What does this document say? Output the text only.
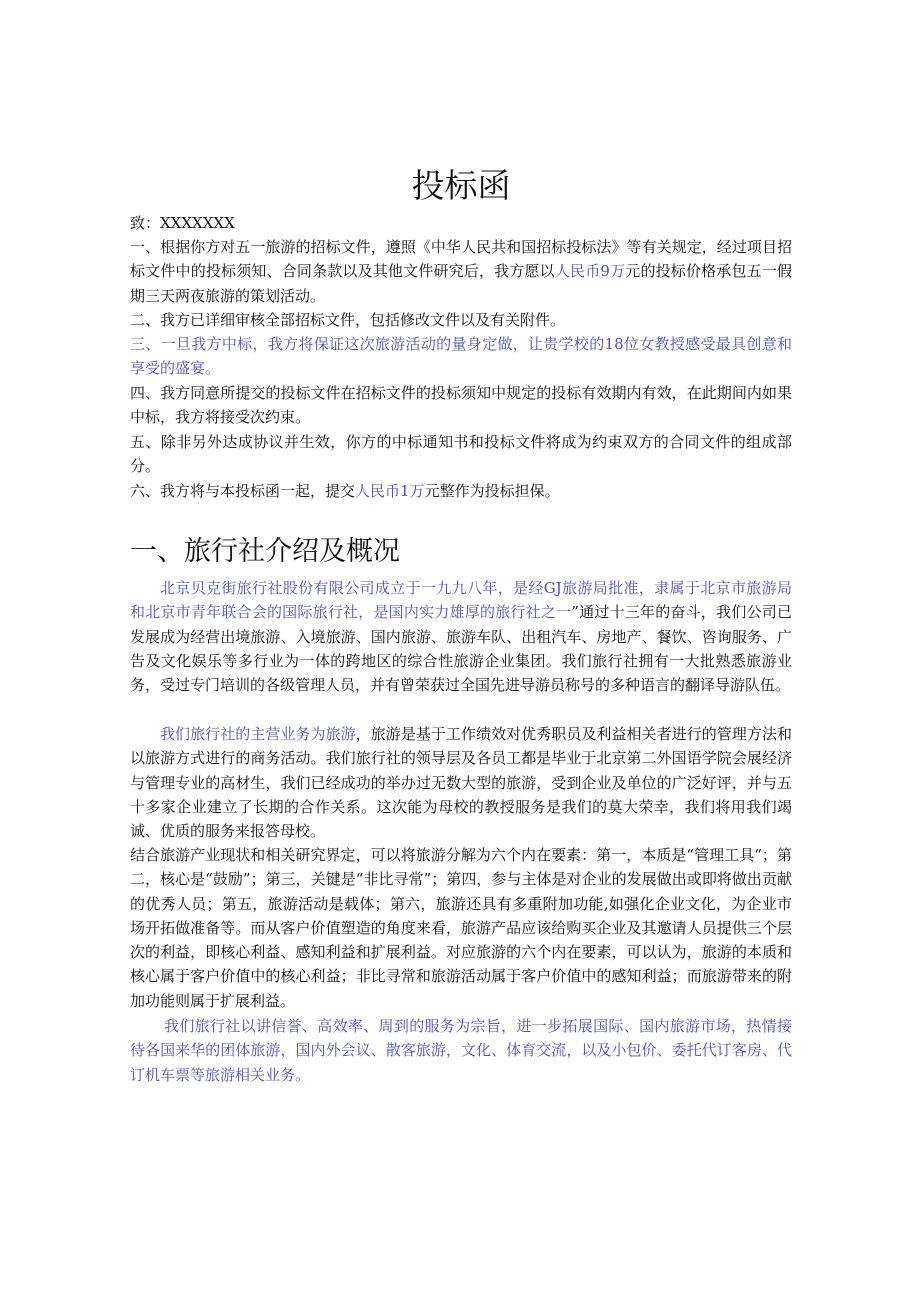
投标函

致：XXXXXXX

一、根据你方对五一旅游的招标文件，遵照《中华人民共和国招标投标法》等有关规定，经过项目招标文件中的投标须知、合同条款以及其他文件研究后，我方愿以人民币9万元的投标价格承包五一假期三天两夜旅游的策划活动。

二、我方已详细审核全部招标文件，包括修改文件以及有关附件。

三、一旦我方中标，我方将保证这次旅游活动的量身定做，让贵学校的18位女教授感受最具创意和享受的盛宴。

四、我方同意所提交的投标文件在招标文件的投标须知中规定的投标有效期内有效，在此期间内如果中标，我方将接受次约束。

五、除非另外达成协议并生效，你方的中标通知书和投标文件将成为约束双方的合同文件的组成部分。

六、我方将与本投标函一起，提交人民币1万元整作为投标担保。

一、旅行社介绍及概况

北京贝克街旅行社股份有限公司成立于一九九八年，是经GJ旅游局批准，隶属于北京市旅游局和北京市青年联合会的国际旅行社，是国内实力雄厚的旅行社之一”通过十三年的奋斗，我们公司已发展成为经营出境旅游、入境旅游、国内旅游、旅游车队、出租汽车、房地产、餐饮、咨询服务、广告及文化娱乐等多行业为一体的跨地区的综合性旅游企业集团。我们旅行社拥有一大批熟悉旅游业务，受过专门培训的各级管理人员，并有曾荣获过全国先进导游员称号的多种语言的翻译导游队伍。

我们旅行社的主营业务为旅游，旅游是基于工作绩效对优秀职员及利益相关者进行的管理方法和以旅游方式进行的商务活动。我们旅行社的领导层及各员工都是毕业于北京第二外国语学院会展经济与管理专业的高材生，我们已经成功的举办过无数大型的旅游，受到企业及单位的广泛好评，并与五十多家企业建立了长期的合作关系。这次能为母校的教授服务是我们的莫大荣幸，我们将用我们竭诚、优质的服务来报答母校。

结合旅游产业现状和相关研究界定，可以将旅游分解为六个内在要素：第一，本质是“管理工具“；第二，核心是“鼓励”；第三，关键是“非比寻常”；第四，参与主体是对企业的发展做出或即将做出贡献的优秀人员；第五，旅游活动是载体；第六，旅游还具有多重附加功能,如强化企业文化，为企业市场开拓做准备等。而从客户价值塑造的角度来看，旅游产品应该给购买企业及其邀请人员提供三个层次的利益，即核心利益、感知利益和扩展利益。对应旅游的六个内在要素，可以认为，旅游的本质和核心属于客户价值中的核心利益；非比寻常和旅游活动属于客户价值中的感知利益；而旅游带来的附加功能则属于扩展利益。

我们旅行社以讲信誉、高效率、周到的服务为宗旨，进一步拓展国际、国内旅游市场，热情接待各国来华的团体旅游，国内外会议、散客旅游，文化、体育交流，以及小包价、委托代订客房、代订机车票等旅游相关业务。
